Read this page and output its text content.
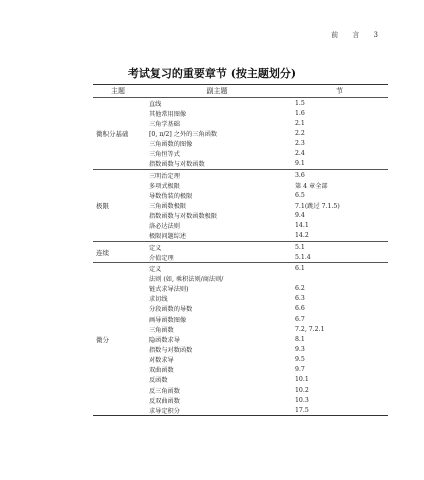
前 言 3
考试复习的重要章节 (按主题划分)
主题	副主题	节
微积分基础
直线	1.5
其他常用图像	1.6
三角学基础	2.1
[0, π/2] 之外的三角函数	2.2
三角函数的图像	2.3
三角恒等式	2.4
指数函数与对数函数	9.1
极限
三明治定理	3.6
多项式极限	第 4 章全部
导数伪装的极限	6.5
三角函数极限	7.1(跳过 7.1.5)
指数函数与对数函数极限	9.4
洛必达法则	14.1
极限问题综述	14.2
连续
定义	5.1
介值定理	5.1.4
微分
定义	6.1
法则 (如, 乘积法则/商法则/
链式求导法则)	6.2
求切线	6.3
分段函数的导数	6.6
画导函数图像	6.7
三角函数	7.2, 7.2.1
隐函数求导	8.1
指数与对数函数	9.3
对数求导	9.5
双曲函数	9.7
反函数	10.1
反三角函数	10.2
反双曲函数	10.3
求导定积分	17.5
